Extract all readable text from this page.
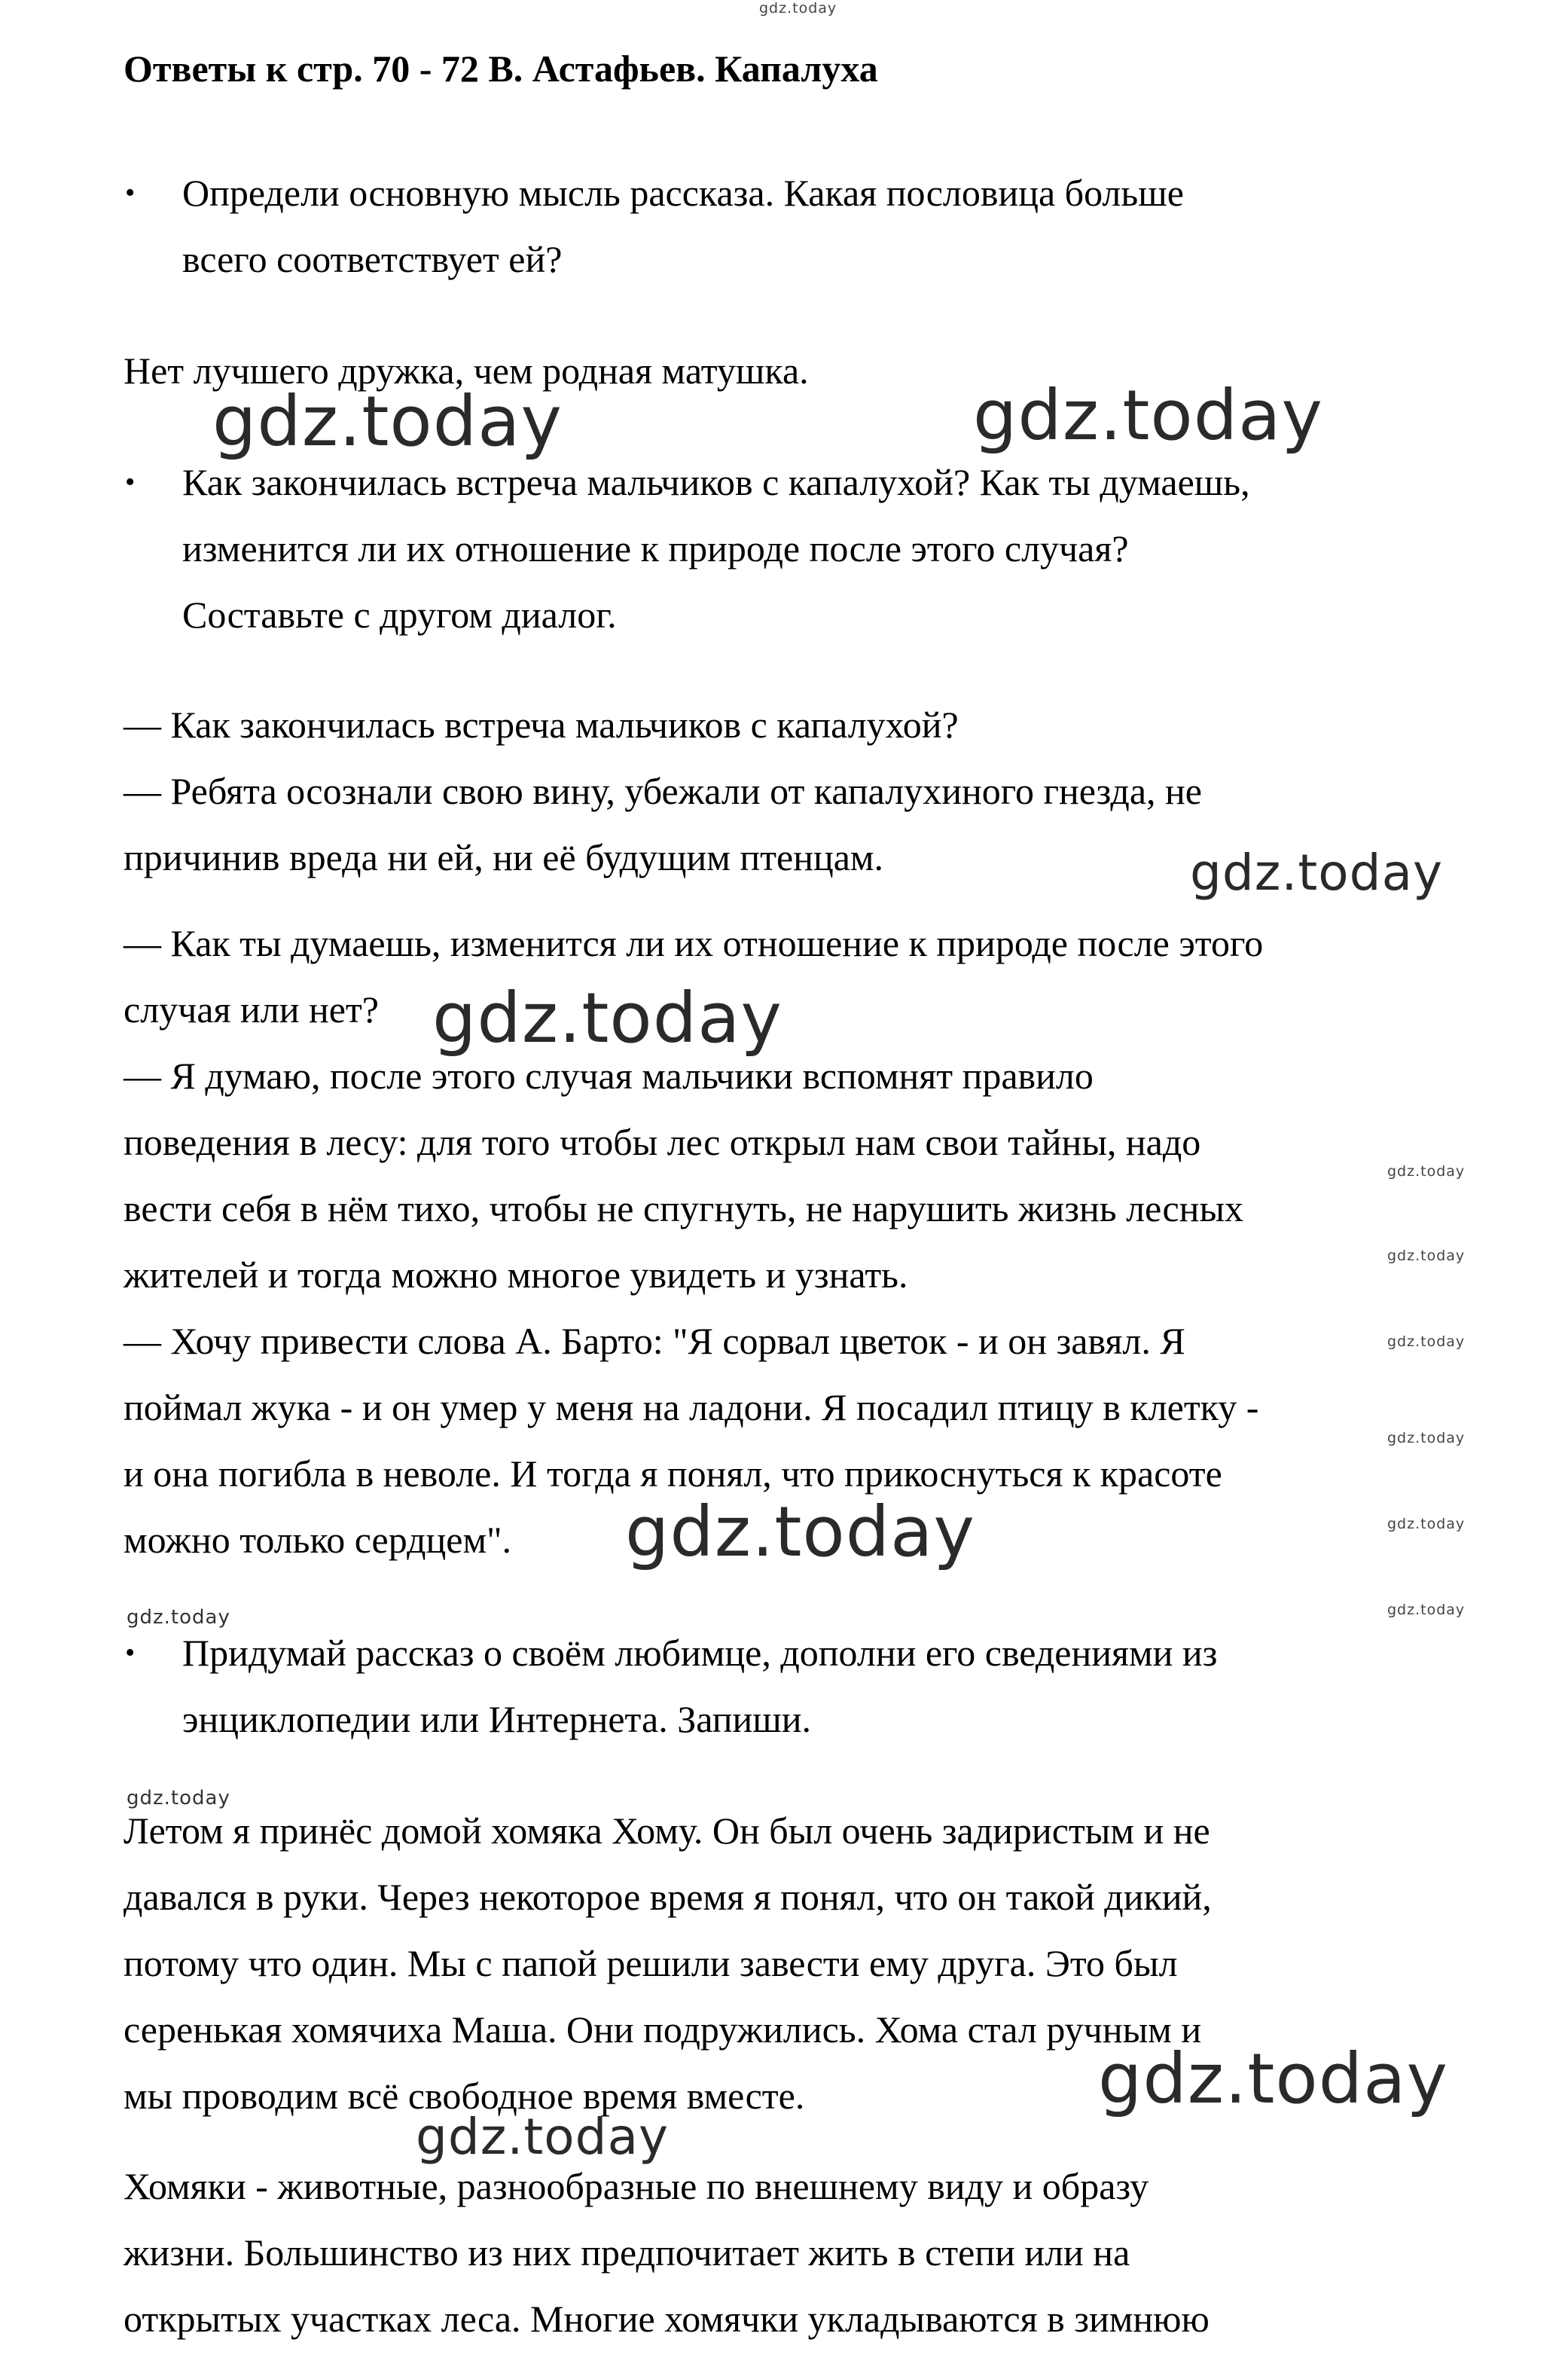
gdz.today
Ответы к стр. 70 - 72 В. Астафьев. Капалуха
• Определи основную мысль рассказа. Какая пословица больше

всего соответствует ей?

Нет лучшего дружка, чем родная матушка.

gdz.today	gdz.today
• Как закончилась встреча мальчиков с капалухой? Как ты думаешь,

изменится ли их отношение к природе после этого случая?

Составьте с другом диалог.

— Как закончилась встреча мальчиков с капалухой?

— Ребята осознали свою вину, убежали от капалухиного гнезда, не

причинив вреда ни ей, ни её будущим птенцам.	gdz.today

— Как ты думаешь, изменится ли их отношение к природе после этого

случая или нет? gdz.today

— Я думаю, после этого случая мальчики вспомнят правило

поведения в лесу: для того чтобы лес открыл нам свои тайны, надо

gdz.today

вести себя в нём тихо, чтобы не спугнуть, не нарушить жизнь лесных

gdz.today

жителей и тогда можно многое увидеть и узнать.

— Хочу привести слова А. Барто: "Я сорвал цветок - и он завял. Я	gdz.today

поймал жука - и он умер у меня на ладони. Я посадил птицу в клетку -

gdz.today

и она погибла в неволе. И тогда я понял, что прикоснуться к красоте

gdz.today

можно только сердцем". gdz.today
gdz.today	gdz.today
• Придумай рассказ о своём любимце, дополни его сведениями из

энциклопедии или Интернета. Запиши.

gdz.today

Летом я принёс домой хомяка Хому. Он был очень задиристым и не

давался в руки. Через некоторое время я понял, что он такой дикий,

потому что один. Мы с папой решили завести ему друга. Это был

серенькая хомячиха Маша. Они подружились. Хома стал ручным и

мы проводим всё свободное время вместе.	gdz.today
gdz.today

Хомяки - животные, разнообразные по внешнему виду и образу

жизни. Большинство из них предпочитает жить в степи или на

открытых участках леса. Многие хомячки укладываются в зимнюю
